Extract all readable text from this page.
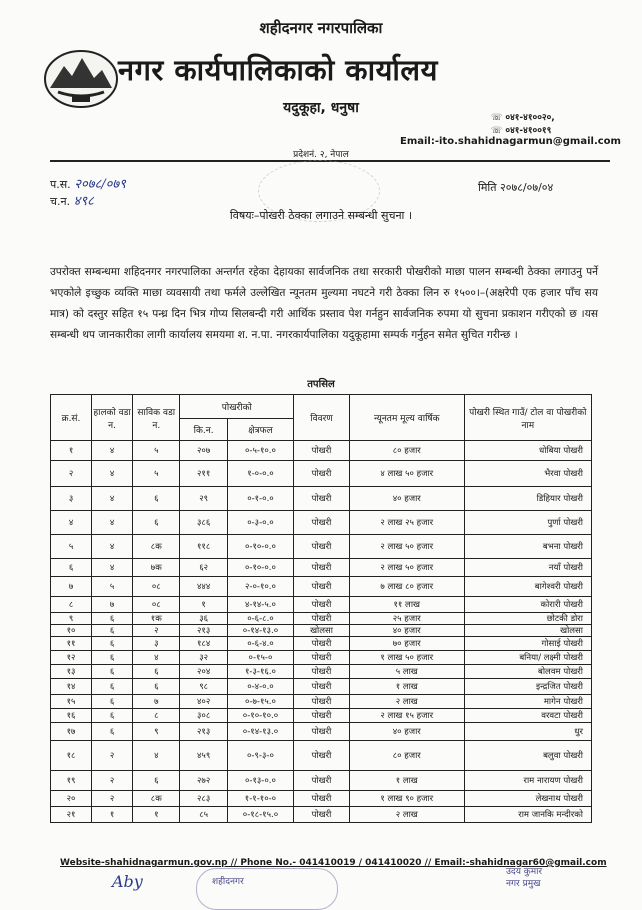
शहीदनगर नगरपालिका
नगर कार्यपालिकाको कार्यालय
यदुकूहा, धनुषा
☏ ०४१-४१००२०,
☏ ०४१-४१००१९
Email:-ito.shahidnagarmun@gmail.com
प्रदेशनं. २, नेपाल
प.स. २०७८/०७९
च.न. ४९८
मिति २०७८/०७/०४
विषयः–पोखरी ठेक्का लगाउने सम्बन्धी सुचना ।
उपरोक्त सम्बन्धमा शहिदनगर नगरपालिका अन्तर्गत रहेका देहायका सार्वजनिक तथा सरकारी पोखरीको माछा पालन सम्बन्धी ठेक्का लगाउनु पर्ने भएकोले इच्छुक व्यक्ति माछा व्यवसायी तथा फर्मले उल्लेखित न्यूनतम मुल्यमा नघटने गरी ठेक्का लिन रु १५००।–(अक्षरेपी एक हजार पाँच सय मात्र) को दस्तुर सहित १५ पन्ध्र दिन भित्र गोप्य सिलबन्दी गरी आर्थिक प्रस्ताव पेश गर्नहुन सार्वजनिक रुपमा यो सुचना प्रकाशन गरीएको छ ।यस सम्बन्धी थप जानकारीका लागी कार्यालय समयमा श. न.पा. नगरकार्यपालिका यदुकूहामा सम्पर्क गर्नुहन समेत सुचित गरीन्छ ।
तपसिल
क्र.सं.	हालको वडा न.	साविक वडा न.	पोखरीको		विवरण	न्यूनतम मूल्य वार्षिक	पोखरी स्थित गाउँ/ टोल वा पोखरीको नाम
			कि.न.	क्षेत्रफल			
१	४	५	२०७	०-५-१०.०	पोखरी	८० हजार	धोबिया पोखरी
२	४	५	२११	१-०-०.०	पोखरी	४ लाख ५० हजार	भैरवा पोखरी
३	४	६	२९	०-१-०.०	पोखरी	४० हजार	डिहियार पोखरी
४	४	६	३८६	०-३-०.०	पोखरी	२ लाख २५ हजार	पुर्णा पोखरी
५	४	८क	११८	०-१०-०.०	पोखरी	२ लाख ५० हजार	बभना पोखरी
६	४	७क	६२	०-१०-०.०	पोखरी	२ लाख ५० हजार	नयाँ पोखरी
७	५	०८	४४४	२-०-१०.०	पोखरी	७ लाख ८० हजार	बागेश्वरी पोखरी
८	७	०८	१	४-१४-५.०	पोखरी	११ लाख	कोरारी पोखरी
९	६	१क	३६	०-६-८.०	पोखरी	२५ हजार	छोटकी डोरा
१०	६	२	२१३	०-१४-१३.०	खोलसा	४० हजार	खोलसा
११	६	३	१८४	०-६-४.०	पोखरी	७० हजार	गोसाई पोखरी
१२	६	४	३२	०-१५-०	पोखरी	१ लाख ५० हजार	बनिया/ लक्ष्मी पोखरी
१३	६	६	२०४	१-३-१६.०	पोखरी	५ लाख	बोलवम पोखरी
१४	६	६	९८	०-४-०.०	पोखरी	१ लाख	इन्द्रजित पोखरी
१५	६	७	४०२	०-७-१५.०	पोखरी	२ लाख	मागेन पोखरी
१६	६	८	३०८	०-१०-१०.०	पोखरी	२ लाख १५ हजार	वरवटा पोखरी
१७	६	९	२१३	०-१४-१३.०	पोखरी	४० हजार	धुर
१८	२	४	४५९	०-९-३-०	पोखरी	८० हजार	बलुवा पोखरी
१९	२	६	२७२	०-१३-०.०	पोखरी	१ लाख	राम नारायण पोखरी
२०	२	८क	२८३	१-१-१०-०	पोखरी	१ लाख ९० हजार	लेखनाथ पोखरी
२१	१	१	८५	०-१८-१५.०	पोखरी	२ लाख	राम जानकि मन्दीरको
Website-shahidnagarmun.gov.np // Phone No.- 041410019 / 041410020 // Email:-shahidnagar60@gmail.com
Aby	शहीदनगर
उदय कुमार
नगर प्रमुख
